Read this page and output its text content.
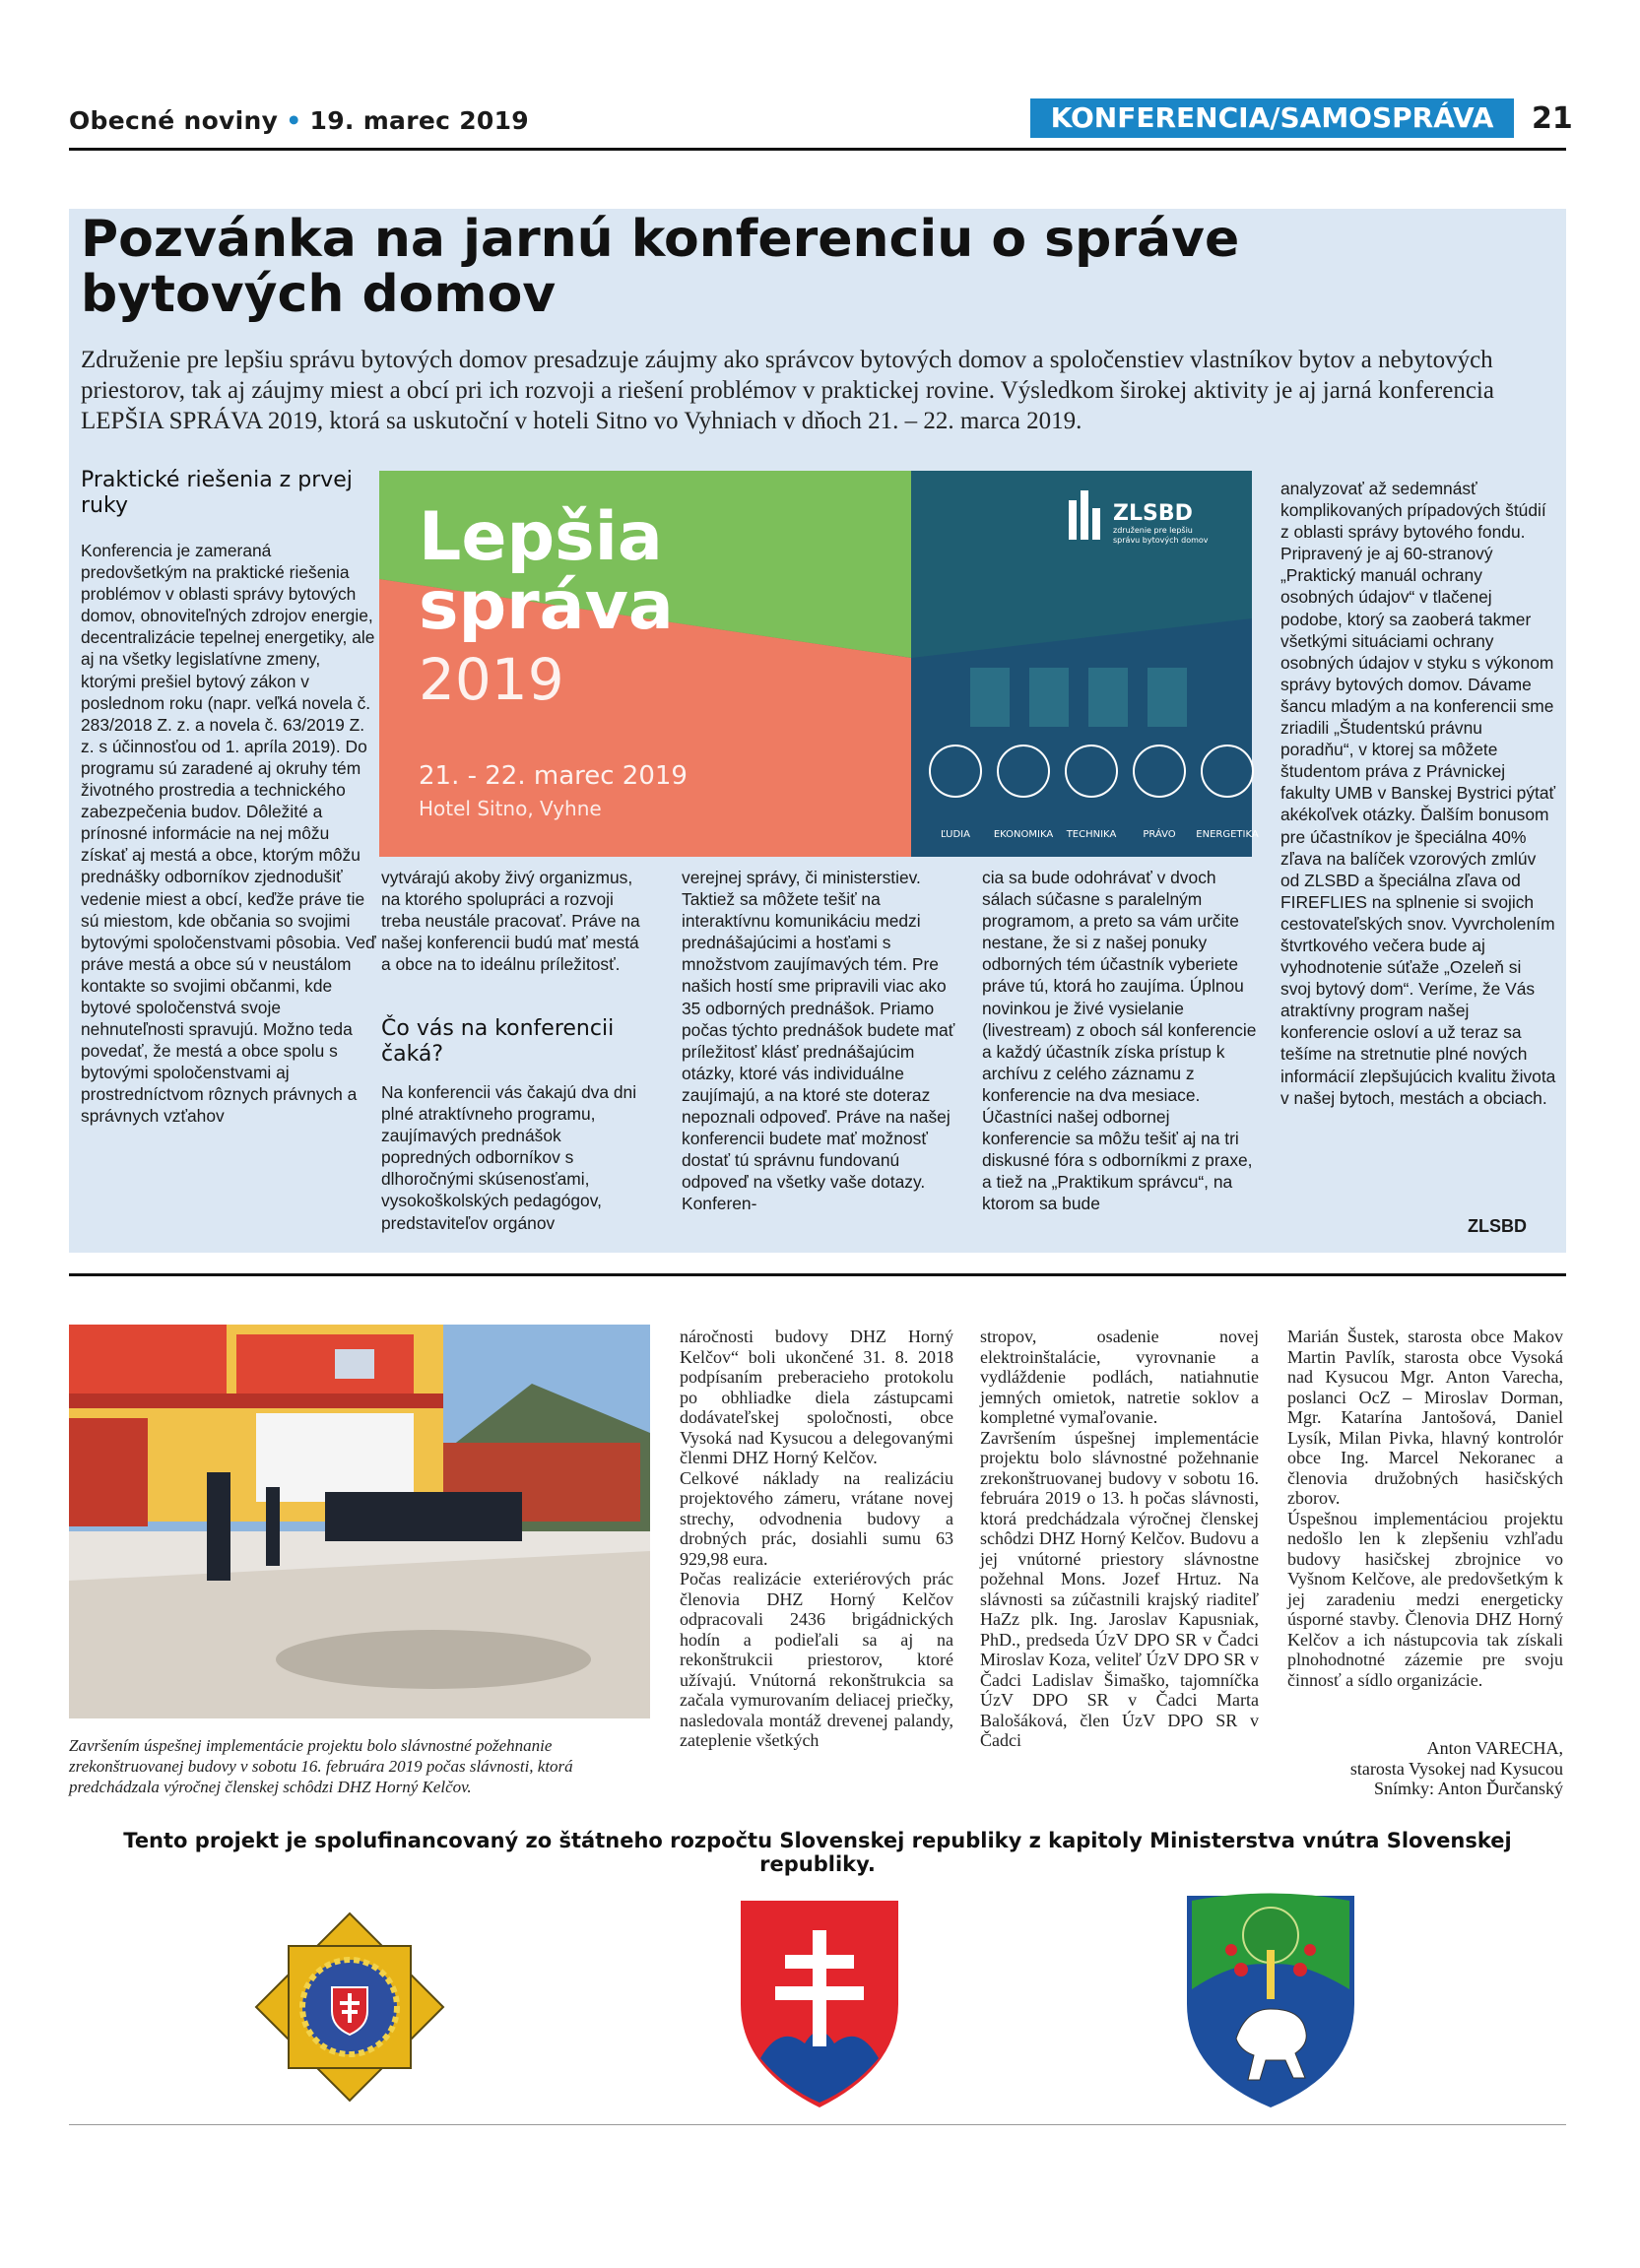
Obecné noviny • 19. marec 2019	KONFERENCIA/SAMOSPRÁVA	21
Pozvánka na jarnú konferenciu o správe bytových domov
Združenie pre lepšiu správu bytových domov presadzuje záujmy ako správcov bytových domov a spoločenstiev vlastníkov bytov a nebytových priestorov, tak aj záujmy miest a obcí pri ich rozvoji a riešení problémov v praktickej rovine. Výsledkom širokej aktivity je aj jarná konferencia LEPŠIA SPRÁVA 2019, ktorá sa uskutoční v hoteli Sitno vo Vyhniach v dňoch 21. – 22. marca 2019.
Praktické riešenia z prvej ruky
Konferencia je zameraná predovšetkým na praktické riešenia problémov v oblasti správy bytových domov, obnoviteľných zdrojov energie, decentralizácie tepelnej energetiky, ale aj na všetky legislatívne zmeny, ktorými prešiel bytový zákon v poslednom roku (napr. veľká novela č. 283/2018 Z. z. a novela č. 63/2019 Z. z. s účinnosťou od 1. apríla 2019). Do programu sú zaradené aj okruhy tém životného prostredia a technického zabezpečenia budov. Dôležité a prínosné informácie na nej môžu získať aj mestá a obce, ktorým môžu prednášky odborníkov zjednodušiť vedenie miest a obcí, keďže práve tie sú miestom, kde občania so svojimi bytovými spoločenstvami pôsobia. Veď práve mestá a obce sú v neustálom kontakte so svojimi občanmi, kde bytové spoločenstvá svoje nehnuteľnosti spravujú. Možno teda povedať, že mestá a obce spolu s bytovými spoločenstvami aj prostredníctvom rôznych právnych a správnych vzťahov
vytvárajú akoby živý organizmus, na ktorého spolupráci a rozvoji treba neustále pracovať. Práve na našej konferencii budú mať mestá a obce na to ideálnu príležitosť.
Čo vás na konferencii čaká?
Na konferencii vás čakajú dva dni plné atraktívneho programu, zaujímavých prednášok popredných odborníkov s dlhoročnými skúsenosťami, vysokoškolských pedagógov, predstaviteľov orgánov
verejnej správy, či ministerstiev. Taktiež sa môžete tešiť na interaktívnu komunikáciu medzi prednášajúcimi a hosťami s množstvom zaujímavých tém. Pre našich hostí sme pripravili viac ako 35 odborných prednášok. Priamo počas týchto prednášok budete mať príležitosť klásť prednášajúcim otázky, ktoré vás individuálne zaujímajú, a na ktoré ste doteraz nepoznali odpoveď. Práve na našej konferencii budete mať možnosť dostať tú správnu fundovanú odpoveď na všetky vaše dotazy. Konferen-
cia sa bude odohrávať v dvoch sálach súčasne s paralelným programom, a preto sa vám určite nestane, že si z našej ponuky odborných tém účastník vyberiete práve tú, ktorá ho zaujíma. Úplnou novinkou je živé vysielanie (livestream) z oboch sál konferencie a každý účastník získa prístup k archívu z celého záznamu z konferencie na dva mesiace. Účastníci našej odbornej konferencie sa môžu tešiť aj na tri diskusné fóra s odborníkmi z praxe, a tiež na „Praktikum správcu“, na ktorom sa bude
analyzovať až sedemnásť komplikovaných prípadových štúdií z oblasti správy bytového fondu. Pripravený je aj 60-stranový „Praktický manuál ochrany osobných údajov“ v tlačenej podobe, ktorý sa zaoberá takmer všetkými situáciami ochrany osobných údajov v styku s výkonom správy bytových domov. Dávame šancu mladým a na konferencii sme zriadili „Študentskú právnu poradňu“, v ktorej sa môžete študentom práva z Právnickej fakulty UMB v Banskej Bystrici pýtať akékoľvek otázky. Ďalším bonusom pre účastníkov je špeciálna 40% zľava na balíček vzorových zmlúv od ZLSBD a špeciálna zľava od FIREFLIES na splnenie si svojich cestovateľských snov. Vyvrcholením štvrtkového večera bude aj vyhodnotenie súťaže „Ozeleň si svoj bytový dom“. Veríme, že Vás atraktívny program našej konferencie osloví a už teraz sa tešíme na stretnutie plné nových informácií zlepšujúcich kvalitu života v našej bytoch, mestách a obciach.
ZLSBD
Lepšia
správa
2019
21. - 22. marec 2019
Hotel Sitno, Vyhne
ZLSBD
združenie pre lepšiu
správu bytových domov
ĽUDIA EKONOMIKA TECHNIKA	PRÁVO ENERGETIKA
Završením úspešnej implementácie projektu bolo slávnostné požehnanie zrekonštruovanej budovy v sobotu 16. februára 2019 počas slávnosti, ktorá predchádzala výročnej členskej schôdzi DHZ Horný Kelčov.
náročnosti budovy DHZ Horný Kelčov“ boli ukončené 31. 8. 2018 podpísaním preberacieho protokolu po obhliadke diela zástupcami dodávateľskej spoločnosti, obce Vysoká nad Kysucou a delegovanými členmi DHZ Horný Kelčov.
Celkové náklady na realizáciu projektového zámeru, vrátane novej strechy, odvodnenia budovy a drobných prác, dosiahli sumu 63 929,98 eura.
Počas realizácie exteriérových prác členovia DHZ Horný Kelčov odpracovali 2436 brigádnických hodín a podieľali sa aj na rekonštrukcii priestorov, ktoré užívajú. Vnútorná rekonštrukcia sa začala vymurovaním deliacej priečky, nasledovala montáž drevenej palandy, zateplenie všetkých
stropov, osadenie novej elektroinštalácie, vyrovnanie a vydláždenie podlách, natiahnutie jemných omietok, natretie soklov a kompletné vymaľovanie.
Završením úspešnej implementácie projektu bolo slávnostné požehnanie zrekonštruovanej budovy v sobotu 16. februára 2019 o 13. h počas slávnosti, ktorá predchádzala výročnej členskej schôdzi DHZ Horný Kelčov. Budovu a jej vnútorné priestory slávnostne požehnal Mons. Jozef Hrtuz. Na slávnosti sa zúčastnili krajský riaditeľ HaZz plk. Ing. Jaroslav Kapusniak, PhD., predseda ÚzV DPO SR v Čadci Miroslav Koza, veliteľ ÚzV DPO SR v Čadci Ladislav Šimaško, tajomníčka ÚzV DPO SR v Čadci Marta Balošáková, člen ÚzV DPO SR v Čadci
Marián Šustek, starosta obce Makov Martin Pavlík, starosta obce Vysoká nad Kysucou Mgr. Anton Varecha, poslanci OcZ – Miroslav Dorman, Mgr. Katarína Jantošová, Daniel Lysík, Milan Pivka, hlavný kontrolór obce Ing. Marcel Nekoranec a členovia družobných hasičských zborov.
Úspešnou implementáciou projektu nedošlo len k zlepšeniu vzhľadu budovy hasičskej zbrojnice vo Vyšnom Kelčove, ale predovšetkým k jej zaradeniu medzi energeticky úsporné stavby. Členovia DHZ Horný Kelčov a ich nástupcovia tak získali plnohodnotné zázemie pre svoju činnosť a sídlo organizácie.
Anton VARECHA,
starosta Vysokej nad Kysucou
Snímky: Anton Ďurčanský
Tento projekt je spolufinancovaný zo štátneho rozpočtu Slovenskej republiky z kapitoly Ministerstva vnútra Slovenskej republiky.
